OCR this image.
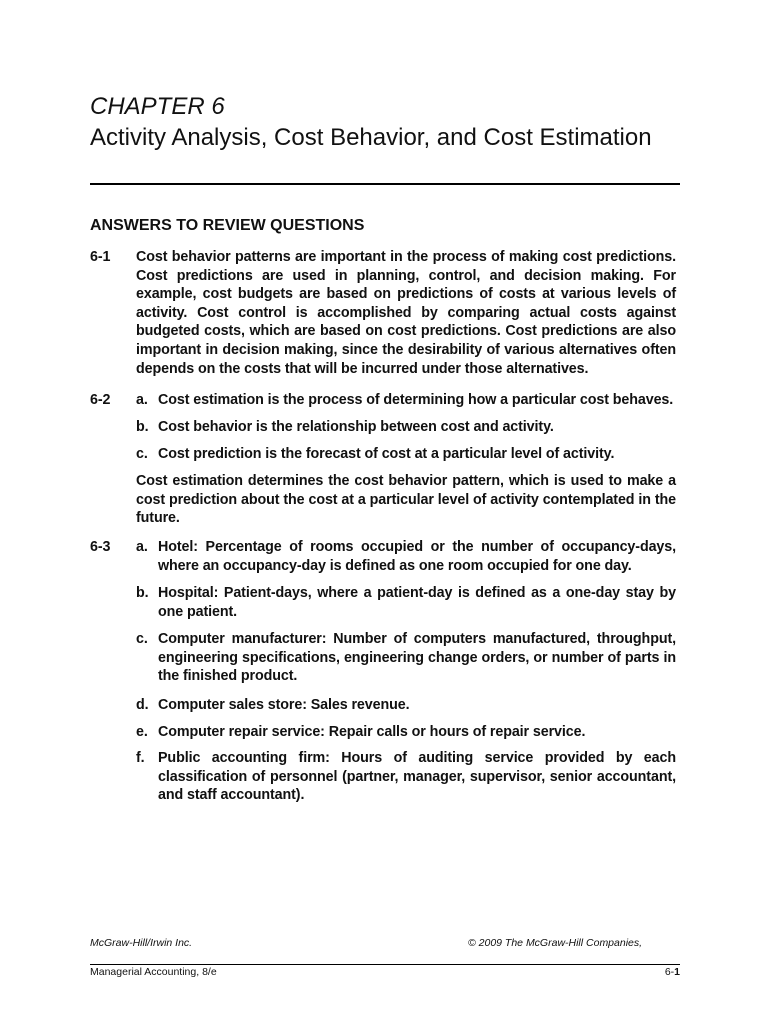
CHAPTER 6
Activity Analysis, Cost Behavior, and Cost Estimation
ANSWERS TO REVIEW QUESTIONS
6-1 Cost behavior patterns are important in the process of making cost predictions. Cost predictions are used in planning, control, and decision making. For example, cost budgets are based on predictions of costs at various levels of activity. Cost control is accomplished by comparing actual costs against budgeted costs, which are based on cost predictions. Cost predictions are also important in decision making, since the desirability of various alternatives often depends on the costs that will be incurred under those alternatives.
6-2 a. Cost estimation is the process of determining how a particular cost behaves.
b. Cost behavior is the relationship between cost and activity.
c. Cost prediction is the forecast of cost at a particular level of activity.
Cost estimation determines the cost behavior pattern, which is used to make a cost prediction about the cost at a particular level of activity contemplated in the future.
6-3 a. Hotel: Percentage of rooms occupied or the number of occupancy-days, where an occupancy-day is defined as one room occupied for one day.
b. Hospital: Patient-days, where a patient-day is defined as a one-day stay by one patient.
c. Computer manufacturer: Number of computers manufactured, throughput, engineering specifications, engineering change orders, or number of parts in the finished product.
d. Computer sales store: Sales revenue.
e. Computer repair service: Repair calls or hours of repair service.
f. Public accounting firm: Hours of auditing service provided by each classification of personnel (partner, manager, supervisor, senior accountant, and staff accountant).
McGraw-Hill/Irwin Inc.	© 2009 The McGraw-Hill Companies,
Managerial Accounting, 8/e	6-1
